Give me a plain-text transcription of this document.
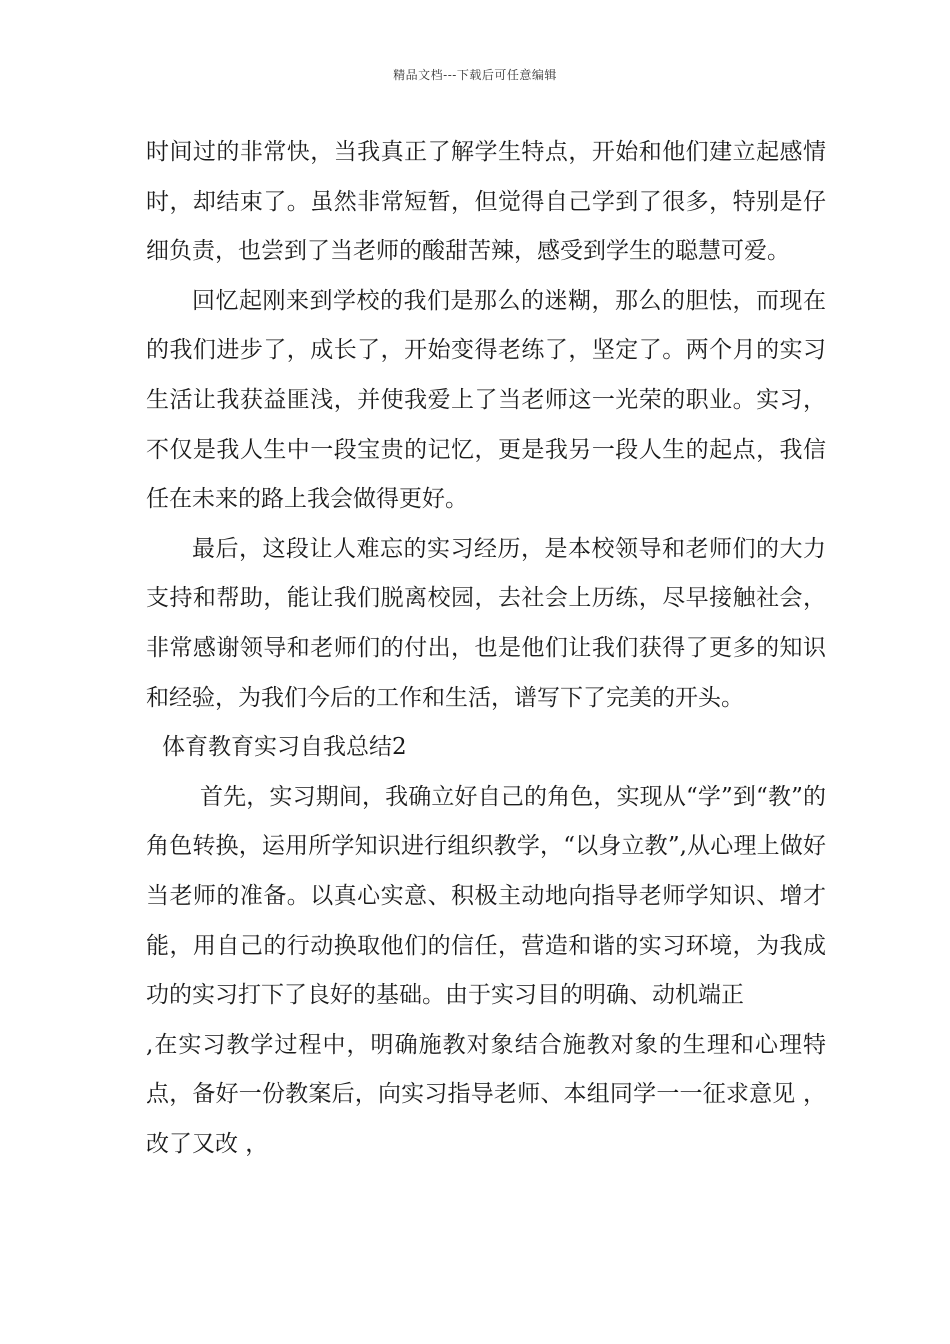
精品文档---下载后可任意编辑

时间过的非常快，当我真正了解学生特点，开始和他们建立起感情时，却结束了。虽然非常短暂，但觉得自己学到了很多，特别是仔细负责，也尝到了当老师的酸甜苦辣，感受到学生的聪慧可爱。

回忆起刚来到学校的我们是那么的迷糊，那么的胆怯，而现在的我们进步了，成长了，开始变得老练了，坚定了。两个月的实习生活让我获益匪浅，并使我爱上了当老师这一光荣的职业。实习，不仅是我人生中一段宝贵的记忆，更是我另一段人生的起点，我信任在未来的路上我会做得更好。

最后，这段让人难忘的实习经历，是本校领导和老师们的大力支持和帮助，能让我们脱离校园，去社会上历练，尽早接触社会，非常感谢领导和老师们的付出，也是他们让我们获得了更多的知识和经验，为我们今后的工作和生活，谱写下了完美的开头。

体育教育实习自我总结2

首先，实习期间，我确立好自己的角色，实现从“学”到“教”的角色转换，运用所学知识进行组织教学，“以身立教”,从心理上做好当老师的准备。以真心实意、积极主动地向指导老师学知识、增才能，用自己的行动换取他们的信任，营造和谐的实习环境，为我成功的实习打下了良好的基础。由于实习目的明确、动机端正

,在实习教学过程中，明确施教对象结合施教对象的生理和心理特点，备好一份教案后，向实习指导老师、本组同学一一征求意见 ， 改了又改 ，
